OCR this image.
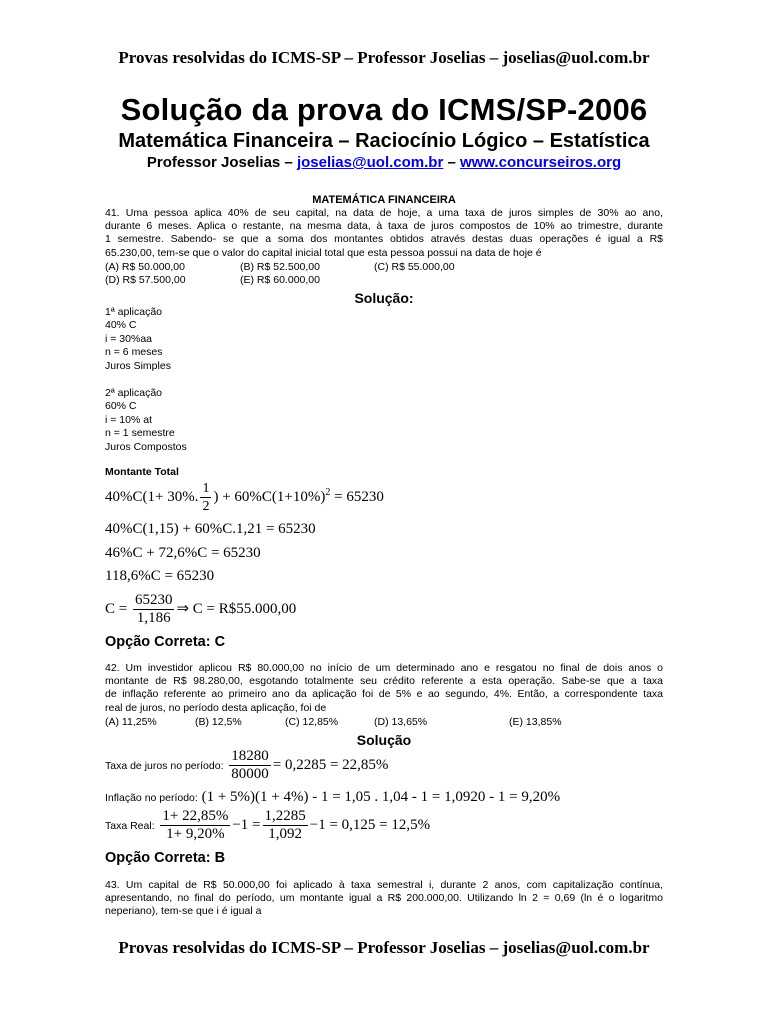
Provas resolvidas do ICMS-SP – Professor Joselias – joselias@uol.com.br
Solução da prova do ICMS/SP-2006
Matemática Financeira – Raciocínio Lógico – Estatística
Professor Joselias – joselias@uol.com.br – www.concurseiros.org
MATEMÁTICA FINANCEIRA
41. Uma pessoa aplica 40% de seu capital, na data de hoje, a uma taxa de juros simples de 30% ao ano,
durante 6 meses. Aplica o restante, na mesma data, à taxa de juros compostos de 10% ao trimestre, durante
1 semestre. Sabendo- se que a soma dos montantes obtidos através destas duas operações é igual a R$
65.230,00, tem-se que o valor do capital inicial total que esta pessoa possui na data de hoje é
(A) R$ 50.000,00	(B) R$ 52.500,00	(C) R$ 55.000,00
(D) R$ 57.500,00	(E) R$ 60.000,00
Solução:
1ª aplicação
40% C
i = 30%aa
n = 6 meses
Juros Simples
2ª aplicação
60% C
i = 10% at
n = 1 semestre
Juros Compostos
Montante Total
40%C(1+ 30%. $\frac{1}{2}$ ) + $60\%C(1+10\%)^2 = 65230$
40%C(1,15) + 60%C.1,21 = 65230
46%C + 72,6%C = 65230
118,6%C = 65230
$C = \frac{65230}{1,186}$ ⇒ C = R$55.000,00
Opção Correta: C
42. Um investidor aplicou R$ 80.000,00 no início de um determinado ano e resgatou no final de dois anos o
montante de R$ 98.280,00, esgotando totalmente seu crédito referente a esta operação. Sabe-se que a taxa
de inflação referente ao primeiro ano da aplicação foi de 5% e ao segundo, 4%. Então, a correspondente taxa
real de juros, no período desta aplicação, foi de
(A) 11,25%	(B) 12,5%	(C) 12,85%	(D) 13,65%	(E) 13,85%
Solução
Taxa de juros no período: $\frac{18280}{80000} = 0,2285 = 22,85\%$
Inflação no período: (1 + 5%)(1 + 4%) - 1 = 1,05 . 1,04 - 1 = 1,0920 - 1 = 9,20%
Taxa Real: $\frac{1+ 22,85\%}{1+ 9,20\%} -1 = \frac{1,2285}{1,092} -1 = 0,125 = 12,5\%$
Opção Correta: B
43. Um capital de R$ 50.000,00 foi aplicado à taxa semestral i, durante 2 anos, com capitalização contínua,
apresentando, no final do período, um montante igual a R$ 200.000,00. Utilizando ln 2 = 0,69 (ln é o logaritmo
neperiano), tem-se que i é igual a
Provas resolvidas do ICMS-SP – Professor Joselias – joselias@uol.com.br
